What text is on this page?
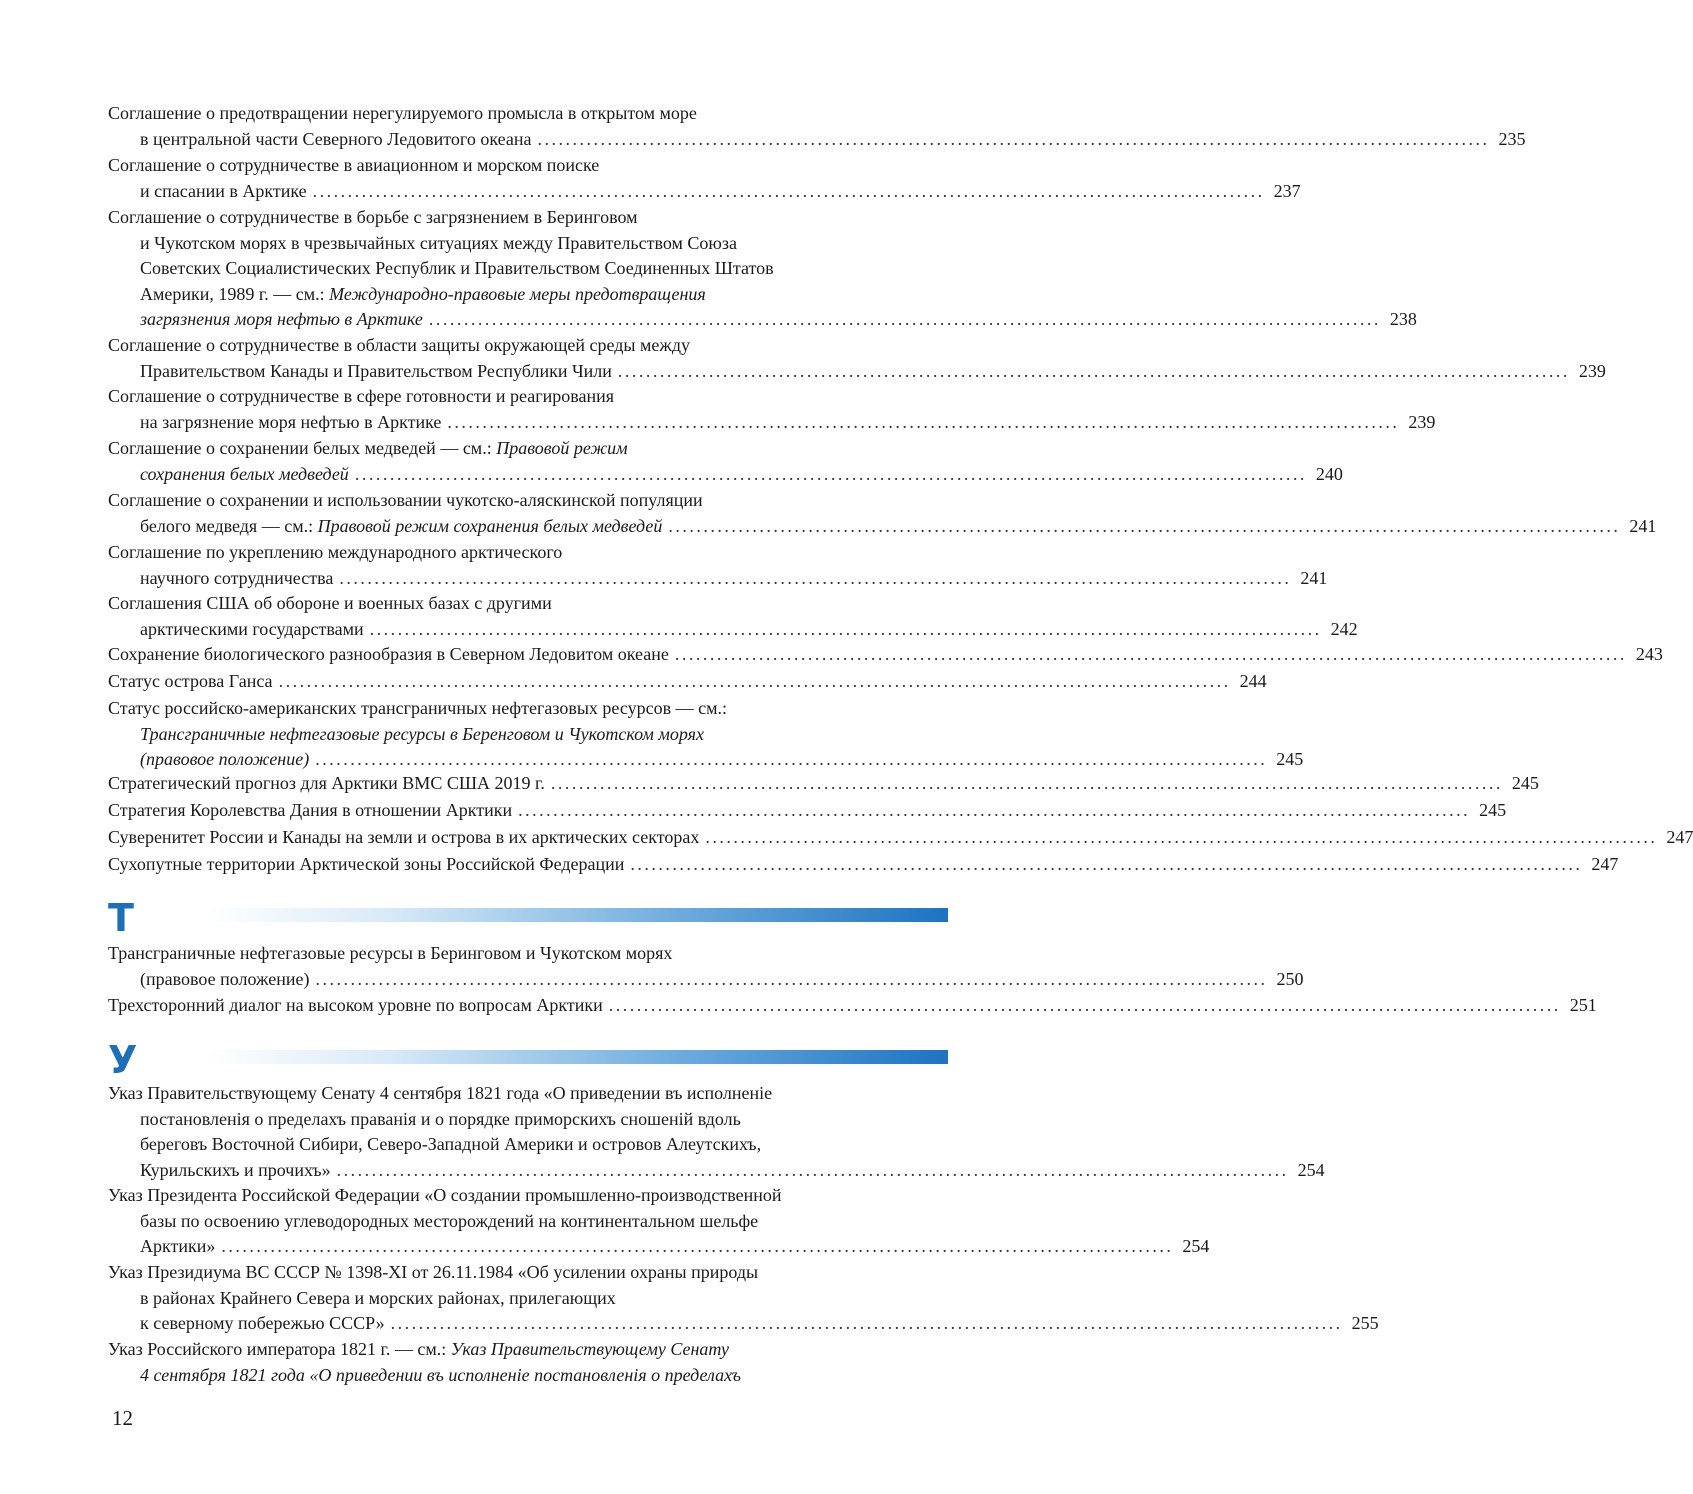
Соглашение о предотвращении нерегулируемого промысла в открытом море
в центральной части Северного Ледовитого океана ........................................................................................................................................ 235
Соглашение о сотрудничестве в авиационном и морском поиске
и спасании в Арктике ........................................................................................................................................ 237
Соглашение о сотрудничестве в борьбе с загрязнением в Беринговом
и Чукотском морях в чрезвычайных ситуациях между Правительством Союза
Советских Социалистических Республик и Правительством Соединенных Штатов
Америки, 1989 г. — см.: Международно-правовые меры предотвращения
загрязнения моря нефтью в Арктике ........................................................................................................................................ 238
Соглашение о сотрудничестве в области защиты окружающей среды между
Правительством Канады и Правительством Республики Чили ........................................................................................................................................ 239
Соглашение о сотрудничестве в сфере готовности и реагирования
на загрязнение моря нефтью в Арктике ........................................................................................................................................ 239
Соглашение о сохранении белых медведей — см.: Правовой режим
сохранения белых медведей ........................................................................................................................................ 240
Соглашение о сохранении и использовании чукотско-аляскинской популяции
белого медведя — см.: Правовой режим сохранения белых медведей ........................................................................................................................................ 241
Соглашение по укреплению международного арктического
научного сотрудничества ........................................................................................................................................ 241
Соглашения США об обороне и военных базах с другими
арктическими государствами ........................................................................................................................................ 242
Сохранение биологического разнообразия в Северном Ледовитом океане ........................................................................................................................................ 243
Статус острова Ганса ........................................................................................................................................ 244
Статус российско-американских трансграничных нефтегазовых ресурсов — см.:
Трансграничные нефтегазовые ресурсы в Беренговом и Чукотском морях
(правовое положение) ........................................................................................................................................ 245
Стратегический прогноз для Арктики ВМС США 2019 г. ........................................................................................................................................ 245
Стратегия Королевства Дания в отношении Арктики ........................................................................................................................................ 245
Суверенитет России и Канады на земли и острова в их арктических секторах ........................................................................................................................................ 247
Сухопутные территории Арктической зоны Российской Федерации ........................................................................................................................................ 247
Т
Трансграничные нефтегазовые ресурсы в Беринговом и Чукотском морях
(правовое положение) ........................................................................................................................................ 250
Трехсторонний диалог на высоком уровне по вопросам Арктики ........................................................................................................................................ 251
У
Указ Правительствующему Сенату 4 сентября 1821 года «О приведении въ исполненіе
постановленія о пределахъ праванія и о порядке приморскихъ сношеній вдоль
береговъ Восточной Сибири, Северо-Западной Америки и островов Алеутскихъ,
Курильскихъ и прочихъ» ........................................................................................................................................ 254
Указ Президента Российской Федерации «О создании промышленно-производственной
базы по освоению углеводородных месторождений на континентальном шельфе
Арктики» ........................................................................................................................................ 254
Указ Президиума ВС СССР № 1398-XI от 26.11.1984 «Об усилении охраны природы
в районах Крайнего Севера и морских районах, прилегающих
к северному побережью СССР» ........................................................................................................................................ 255
Указ Российского императора 1821 г. — см.: Указ Правительствующему Сенату
4 сентября 1821 года «О приведении въ исполненіе постановленія о пределахъ
12
